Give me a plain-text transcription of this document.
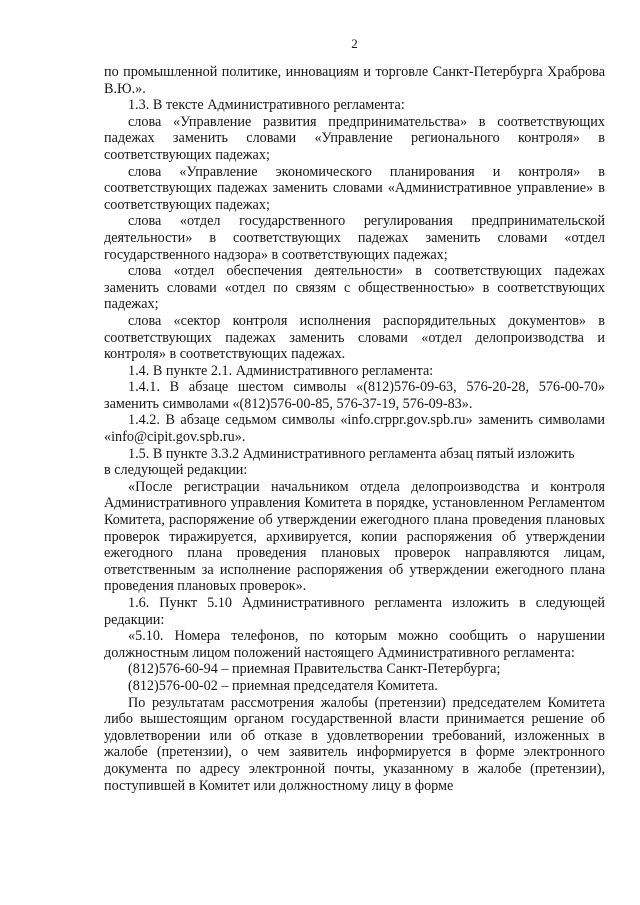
2

по промышленной политике, инновациям и торговле Санкт-Петербурга Храброва В.Ю.».

1.3. В тексте Административного регламента:

слова «Управление развития предпринимательства» в соответствующих падежах заменить словами «Управление регионального контроля» в соответствующих падежах;

слова «Управление экономического планирования и контроля» в соответствующих падежах заменить словами «Административное управление» в соответствующих падежах;

слова «отдел государственного регулирования предпринимательской деятельности» в соответствующих падежах заменить словами «отдел государственного надзора» в соответствующих падежах;

слова «отдел обеспечения деятельности» в соответствующих падежах заменить словами «отдел по связям с общественностью» в соответствующих падежах;

слова «сектор контроля исполнения распорядительных документов» в соответствующих падежах заменить словами «отдел делопроизводства и контроля» в соответствующих падежах.

1.4. В пункте 2.1. Административного регламента:

1.4.1. В абзаце шестом символы «(812)576-09-63, 576-20-28, 576-00-70» заменить символами «(812)576-00-85, 576-37-19, 576-09-83».

1.4.2. В абзаце седьмом символы «info.crppr.gov.spb.ru» заменить символами «info@cipit.gov.spb.ru».

1.5. В пункте 3.3.2 Административного регламента абзац пятый изложить

в следующей редакции:

«После регистрации начальником отдела делопроизводства и контроля Административного управления Комитета в порядке, установленном Регламентом Комитета, распоряжение об утверждении ежегодного плана проведения плановых проверок тиражируется, архивируется, копии распоряжения об утверждении ежегодного плана проведения плановых проверок направляются лицам, ответственным за исполнение распоряжения об утверждении ежегодного плана проведения плановых проверок».

1.6. Пункт 5.10 Административного регламента изложить в следующей редакции:

«5.10. Номера телефонов, по которым можно сообщить о нарушении должностным лицом положений настоящего Административного регламента:

(812)576-60-94 – приемная Правительства Санкт-Петербурга;

(812)576-00-02 – приемная председателя Комитета.

По результатам рассмотрения жалобы (претензии) председателем Комитета либо вышестоящим органом государственной власти принимается решение об удовлетворении или об отказе в удовлетворении требований, изложенных в жалобе (претензии), о чем заявитель информируется в форме электронного документа по адресу электронной почты, указанному в жалобе (претензии), поступившей в Комитет или должностному лицу в форме
